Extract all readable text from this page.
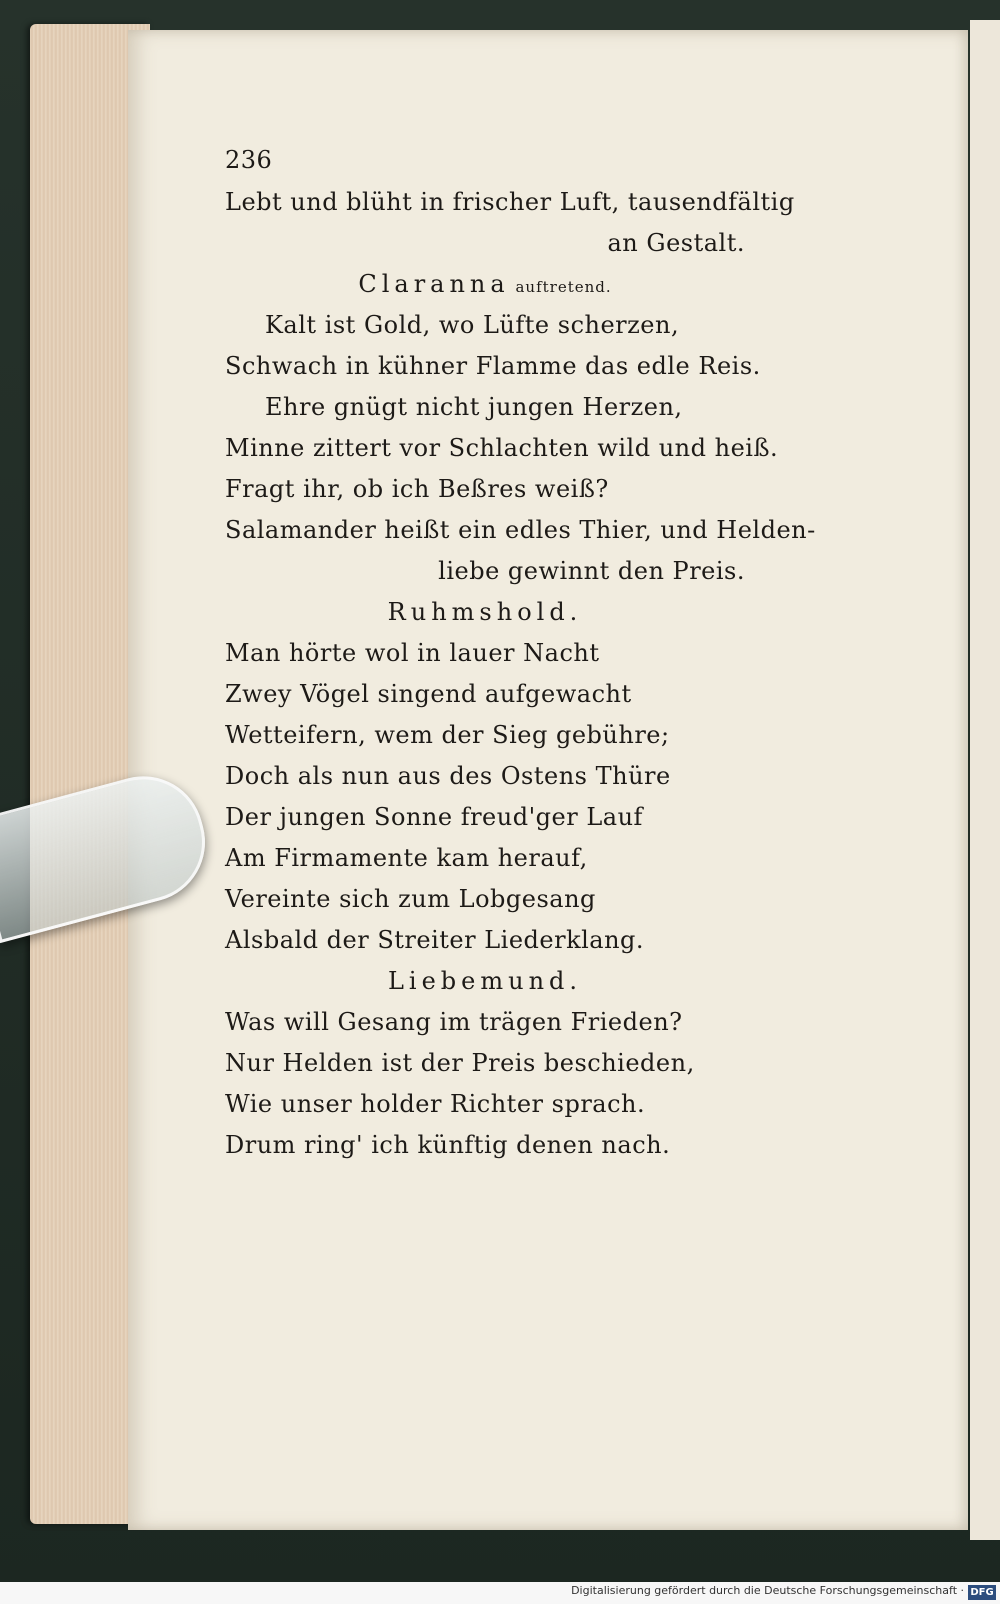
236
Lebt und blüht in frischer Luft, tausendfältig
an Gestalt.
Claranna auftretend.
Kalt ist Gold, wo Lüfte scherzen,
Schwach in kühner Flamme das edle Reis.
Ehre gnügt nicht jungen Herzen,
Minne zittert vor Schlachten wild und heiß.
Fragt ihr, ob ich Beßres weiß?
Salamander heißt ein edles Thier, und Helden-
liebe gewinnt den Preis.
Ruhmshold.
Man hörte wol in lauer Nacht
Zwey Vögel singend aufgewacht
Wetteifern, wem der Sieg gebühre;
Doch als nun aus des Ostens Thüre
Der jungen Sonne freud'ger Lauf
Am Firmamente kam herauf,
Vereinte sich zum Lobgesang
Alsbald der Streiter Liederklang.
Liebemund.
Was will Gesang im trägen Frieden?
Nur Helden ist der Preis beschieden,
Wie unser holder Richter sprach.
Drum ring' ich künftig denen nach.
Digitalisierung gefördert durch die Deutsche Forschungsgemeinschaft · DFG
